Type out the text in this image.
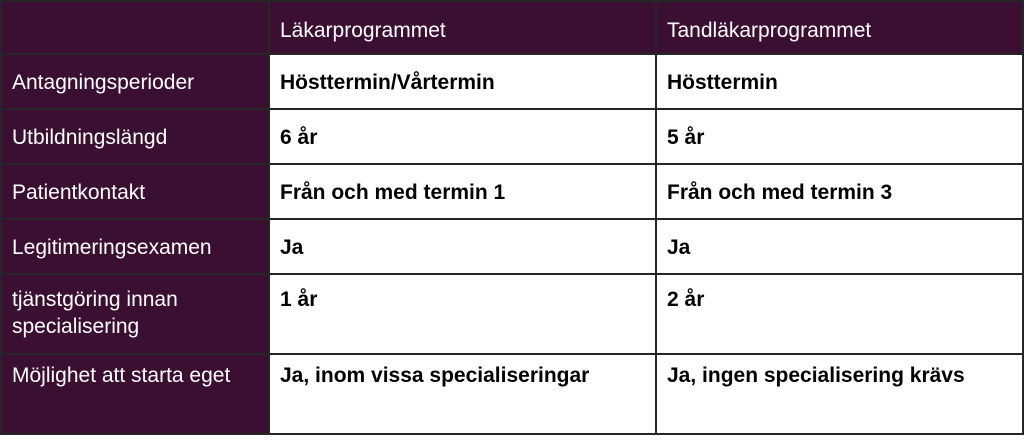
	Läkarprogrammet	Tandläkarprogrammet
Antagningsperioder	Hösttermin/Vårtermin	Hösttermin
Utbildningslängd	6 år	5 år
Patientkontakt	Från och med termin 1	Från och med termin 3
Legitimeringsexamen	Ja	Ja
tjänstgöring innan specialisering	1 år	2 år
Möjlighet att starta eget	Ja, inom vissa specialiseringar	Ja, ingen specialisering krävs
